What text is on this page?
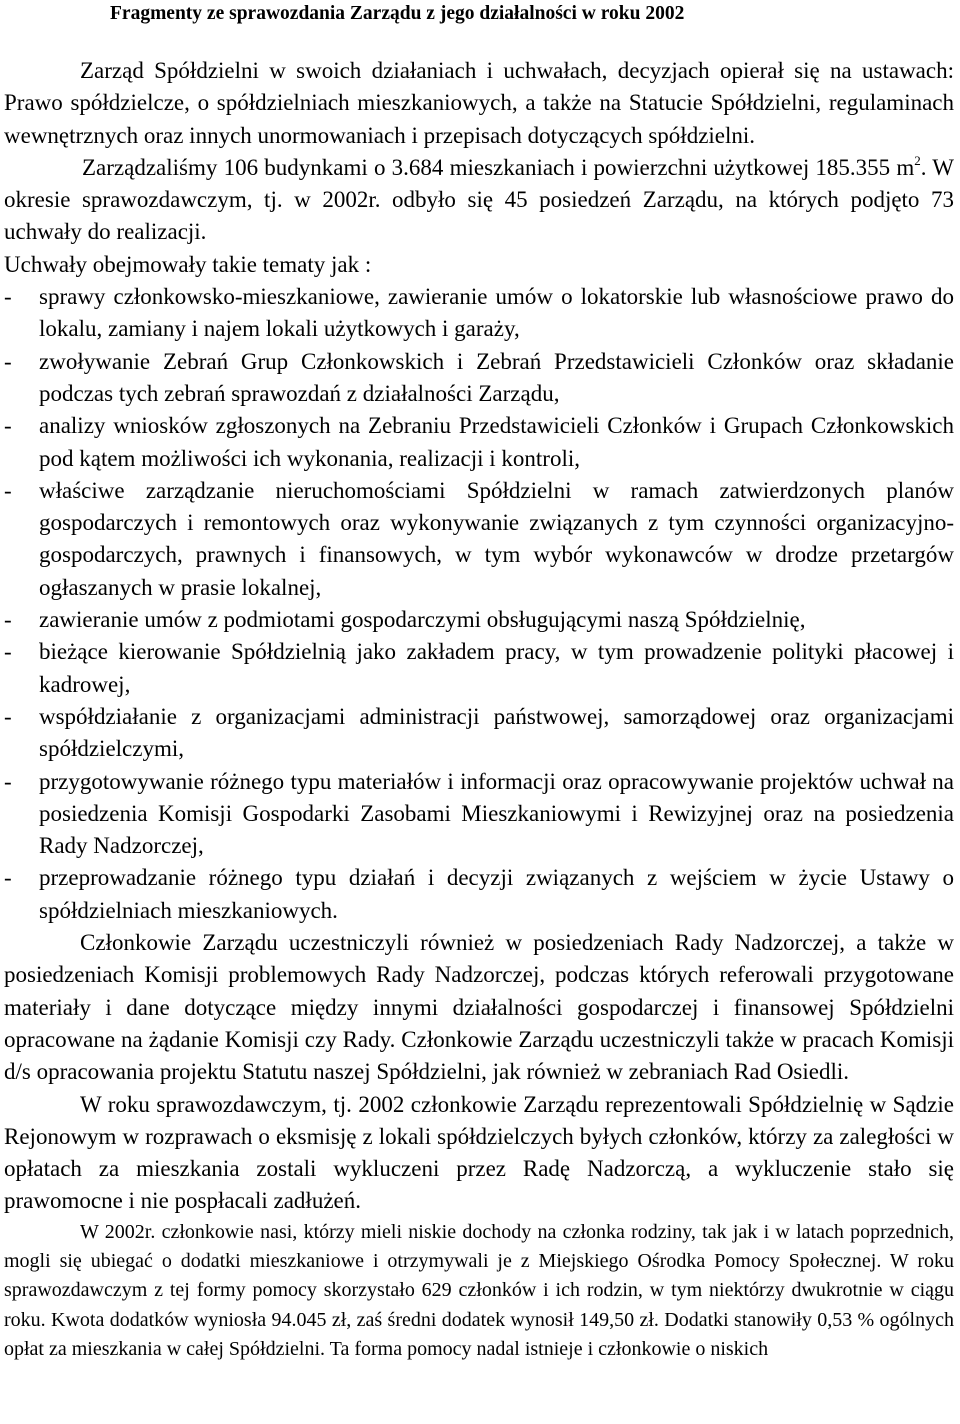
Fragmenty ze sprawozdania Zarządu z jego działalności w roku 2002

Zarząd Spółdzielni w swoich działaniach i uchwałach, decyzjach opierał się na ustawach: Prawo spółdzielcze, o spółdzielniach mieszkaniowych, a także na Statucie Spółdzielni, regulaminach wewnętrznych oraz innych unormowaniach i przepisach dotyczących spółdzielni.

Zarządzaliśmy 106 budynkami o 3.684 mieszkaniach i powierzchni użytkowej 185.355 $m^2$. W okresie sprawozdawczym, tj. w 2002r. odbyło się 45 posiedzeń Zarządu, na których podjęto 73 uchwały do realizacji.

Uchwały obejmowały takie tematy jak :

- sprawy członkowsko-mieszkaniowe, zawieranie umów o lokatorskie lub własnościowe prawo do lokalu, zamiany i najem lokali użytkowych i garaży,
- zwoływanie Zebrań Grup Członkowskich i Zebrań Przedstawicieli Członków oraz składanie podczas tych zebrań sprawozdań z działalności Zarządu,
- analizy wniosków zgłoszonych na Zebraniu Przedstawicieli Członków i Grupach Członkowskich pod kątem możliwości ich wykonania, realizacji i kontroli,
- właściwe zarządzanie nieruchomościami Spółdzielni w ramach zatwierdzonych planów gospodarczych i remontowych oraz wykonywanie związanych z tym czynności organizacyjno-gospodarczych, prawnych i finansowych, w tym wybór wykonawców w drodze przetargów ogłaszanych w prasie lokalnej,
- zawieranie umów z podmiotami gospodarczymi obsługującymi naszą Spółdzielnię,
- bieżące kierowanie Spółdzielnią jako zakładem pracy, w tym prowadzenie polityki płacowej i kadrowej,
- współdziałanie z organizacjami administracji państwowej, samorządowej oraz organizacjami spółdzielczymi,
- przygotowywanie różnego typu materiałów i informacji oraz opracowywanie projektów uchwał na posiedzenia Komisji Gospodarki Zasobami Mieszkaniowymi i Rewizyjnej oraz na posiedzenia Rady Nadzorczej,
- przeprowadzanie różnego typu działań i decyzji związanych z wejściem w życie Ustawy o spółdzielniach mieszkaniowych.

Członkowie Zarządu uczestniczyli również w posiedzeniach Rady Nadzorczej, a także w posiedzeniach Komisji problemowych Rady Nadzorczej, podczas których referowali przygotowane materiały i dane dotyczące między innymi działalności gospodarczej i finansowej Spółdzielni opracowane na żądanie Komisji czy Rady. Członkowie Zarządu uczestniczyli także w pracach Komisji d/s opracowania projektu Statutu naszej Spółdzielni, jak również w zebraniach Rad Osiedli.

W roku sprawozdawczym, tj. 2002 członkowie Zarządu reprezentowali Spółdzielnię w Sądzie Rejonowym w rozprawach o eksmisję z lokali spółdzielczych byłych członków, którzy za zaległości w opłatach za mieszkania zostali wykluczeni przez Radę Nadzorczą, a wykluczenie stało się prawomocne i nie pospłacali zadłużeń.

W 2002r. członkowie nasi, którzy mieli niskie dochody na członka rodziny, tak jak i w latach poprzednich, mogli się ubiegać o dodatki mieszkaniowe i otrzymywali je z Miejskiego Ośrodka Pomocy Społecznej. W roku sprawozdawczym z tej formy pomocy skorzystało 629 członków i ich rodzin, w tym niektórzy dwukrotnie w ciągu roku. Kwota dodatków wyniosła 94.045 zł, zaś średni dodatek wynosił 149,50 zł. Dodatki stanowiły 0,53 % ogólnych opłat za mieszkania w całej Spółdzielni. Ta forma pomocy nadal istnieje i członkowie o niskich
